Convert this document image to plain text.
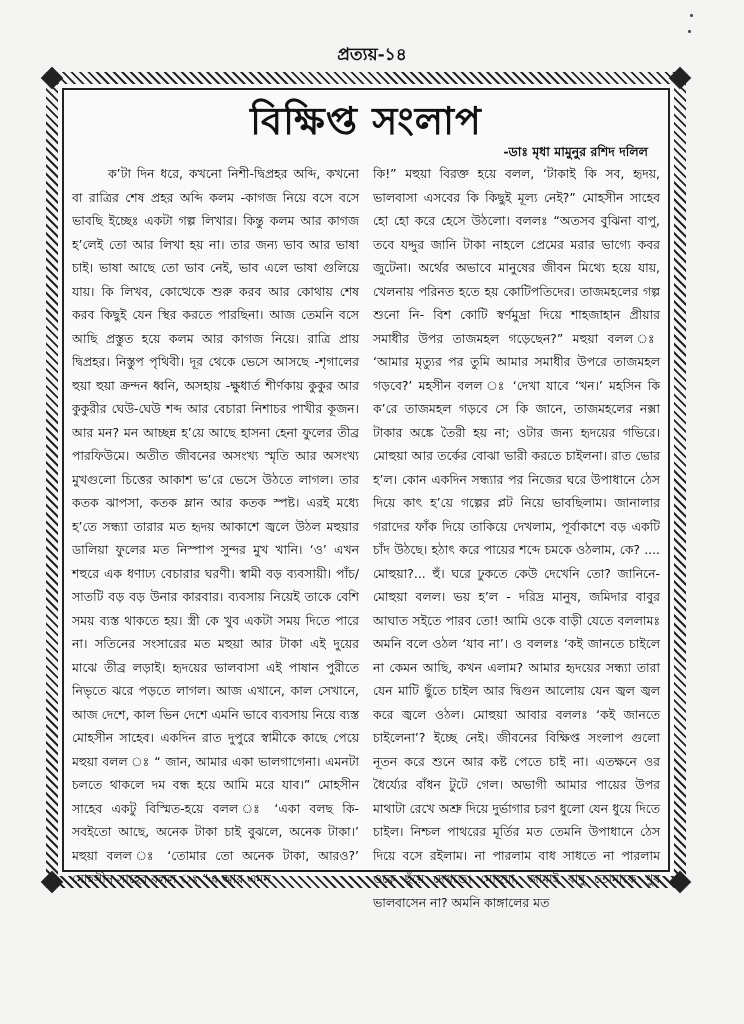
প্রত্যয়-১৪
বিক্ষিপ্ত সংলাপ
-ডাঃ মৃধা মামুনুর রশিদ দলিল

ক’টা দিন ধরে, কখনো নিশী-দ্বিপ্রহর অব্দি, কখনো বা রাত্রির শেষ প্রহর অব্দি কলম -কাগজ নিয়ে বসে বসে ভাবছি ইচ্ছেঃ একটা গল্প লিখার। কিন্তু কলম আর কাগজ হ’লেই তো আর লিখা হয় না। তার জন্য ভাব আর ভাষা চাই। ভাষা আছে তো ভাব নেই, ভাব এলে ভাষা গুলিয়ে যায়। কি লিখব, কোত্থেকে শুরু করব আর কোথায় শেষ করব কিছুই যেন স্থির করতে পারছিনা। আজ তেমনি বসে আছি প্রস্তুত হয়ে কলম আর কাগজ নিয়ে। রাত্রি প্রায় দ্বিপ্রহর। নিস্তুপ পৃথিবী। দূর থেকে ভেসে আসছে -শৃগালের হুয়া হুয়া ক্রন্দন ধ্বনি, অসহায় -ক্ষুধার্ত শীর্ণকায় কুকুর আর কুকুরীর ঘেউ-ঘেউ শব্দ আর বেচারা নিশাচর পাখীর কূজন। আর মন? মন আচ্ছন্ন হ’য়ে আছে হাসনা হেনা ফুলের তীব্র পারফিউমে। অতীত জীবনের অসংখ্য স্মৃতি আর অসংখ্য মুখগুলো চিত্তের আকাশ ভ’রে ভেসে উঠতে লাগল। তার কতক ঝাপসা, কতক ম্লান আর কতক স্পষ্ট। এরই মধ্যে হ’তে সন্ধ্যা তারার মত হৃদয় আকাশে জ্বলে উঠল মহুয়ার ডালিয়া ফুলের মত নিস্পাপ সুন্দর মুখ খানি। ‘ও’ এখন শহুরে এক ধণাঢ্য বেচারার ঘরণী। স্বামী বড় ব্যবসায়ী। পাঁচ/সাতটি বড় বড় উনার কারবার। ব্যবসায় নিয়েই তাকে বেশি সময় ব্যস্ত থাকতে হয়। স্ত্রী কে খুব একটা সময় দিতে পারে না। সতিনের সংসারের মত মহুয়া আর টাকা এই দুয়ের মাঝে তীব্র লড়াই। হৃদয়ের ভালবাসা এই পাষান পুরীতে নিভৃতে ঝরে পড়তে লাগল। আজ এখানে, কাল সেখানে, আজ দেশে, কাল ভিন দেশে এমনি ভাবে ব্যবসায় নিয়ে ব্যস্ত মোহসীন সাহেব। একদিন রাত দুপুরে স্বামীকে কাছে পেয়ে মহুয়া বলল ঃ “ জান, আমার একা ভালগাগেনা। এমনটা চলতে থাকলে দম বন্ধ হয়ে আমি মরে যাব।” মোহসীন সাহেব একটু বিস্মিত-হয়ে বলল ঃ ‘একা বলছ কি-সবইতো আছে, অনেক টাকা চাই বুঝলে, অনেক টাকা।’ মহুয়া বলল ঃ ‘তোমার তো অনেক টাকা, আরও?’ মোহসীন সাহেব বলল ঃ “এ আর এমন

কি!” মহুয়া বিরক্ত হয়ে বলল, ‘টাকাই কি সব, হৃদয়, ভালবাসা এসবের কি কিছুই মূল্য নেই?” মোহসীন সাহেব হো হো করে হেসে উঠলো। বললঃ “অতসব বুঝিনা বাপু, তবে যদ্দুর জানি টাকা নাহলে প্রেমের মরার ভাগ্যে কবর জুটেনা। অর্থের অভাবে মানুষের জীবন মিথ্যে হয়ে যায়, খেলনায় পরিনত হতে হয় কোটিপতিদের। তাজমহলের গল্প শুনো নি- বিশ কোটি স্বর্ণমুদ্রা দিয়ে শাহজাহান প্রীয়ার সমাধীর উপর তাজমহল গড়েছেন?” মহুয়া বলল ঃ ‘আমার মৃত্যুর পর তুমি আমার সমাধীর উপরে তাজমহল গড়বে?’ মহসীন বলল ঃ ‘দেখা যাবে ‘খন।’ মহসিন কি ক’রে তাজমহল গড়বে সে কি জানে, তাজমহলের নক্সা টাকার অঙ্কে তৈরী হয় না; ওটার জন্য হৃদয়ের গভিরে। মোহুয়া আর তর্কের বোঝা ভারী করতে চাইলনা। রাত ভোর হ’ল। কোন একদিন সন্ধ্যার পর নিজের ঘরে উপাধানে ঠেস দিয়ে কাৎ হ’য়ে গল্পের প্লট নিয়ে ভাবছিলাম। জানালার গরাদের ফাঁক দিয়ে তাকিয়ে দেখলাম, পূর্বাকাশে বড় একটি চাঁদ উঠছে। হঠাৎ করে পায়ের শব্দে চমকে ওঠলাম, কে? .... মোহুয়া?... হুঁ। ঘরে ঢুকতে কেউ দেখেনি তো? জানিনে- মোহুয়া বলল। ভয় হ’ল - দরিদ্র মানুষ, জমিদার বাবুর আঘাত সইতে পারব তো! আমি ওকে বাড়ী যেতে বললামঃ অমনি বলে ওঠল ‘যাব না’। ও বললঃ ‘কই জানতে চাইলে না কেমন আছি, কখন এলাম? আমার হৃদয়ের সন্ধ্যা তারা যেন মাটি ছুঁতে চাইল আর দ্বিগুন আলোয় যেন জ্বল জ্বল করে জ্বলে ওঠল। মোহুয়া আবার বললঃ ‘কই জানতে চাইলেনা’? ইচ্ছে নেই। জীবনের বিক্ষিপ্ত সংলাপ গুলো নূতন করে শুনে আর কষ্ট পেতে চাই না। এতক্ষনে ওর ধৈর্য্যের বাঁধন টুটে গেল। অভাগী আমার পায়ের উপর মাথাটা রেখে অশ্রু দিয়ে দুর্ভাগার চরণ ধুলো যেন ধুয়ে দিতে চাইল। নিশ্চল পাথরের মূর্তির মত তেমনি উপাধানে ঠেস দিয়ে বসে রইলাম। না পারলাম বাধ সাধতে না পারলাম ওকে ছুঁয়ে দেখতে। মোহুয়া, জামাই বাবু তোমাকে খুব ভালবাসেন না? অমনি কাঙ্গালের মত
